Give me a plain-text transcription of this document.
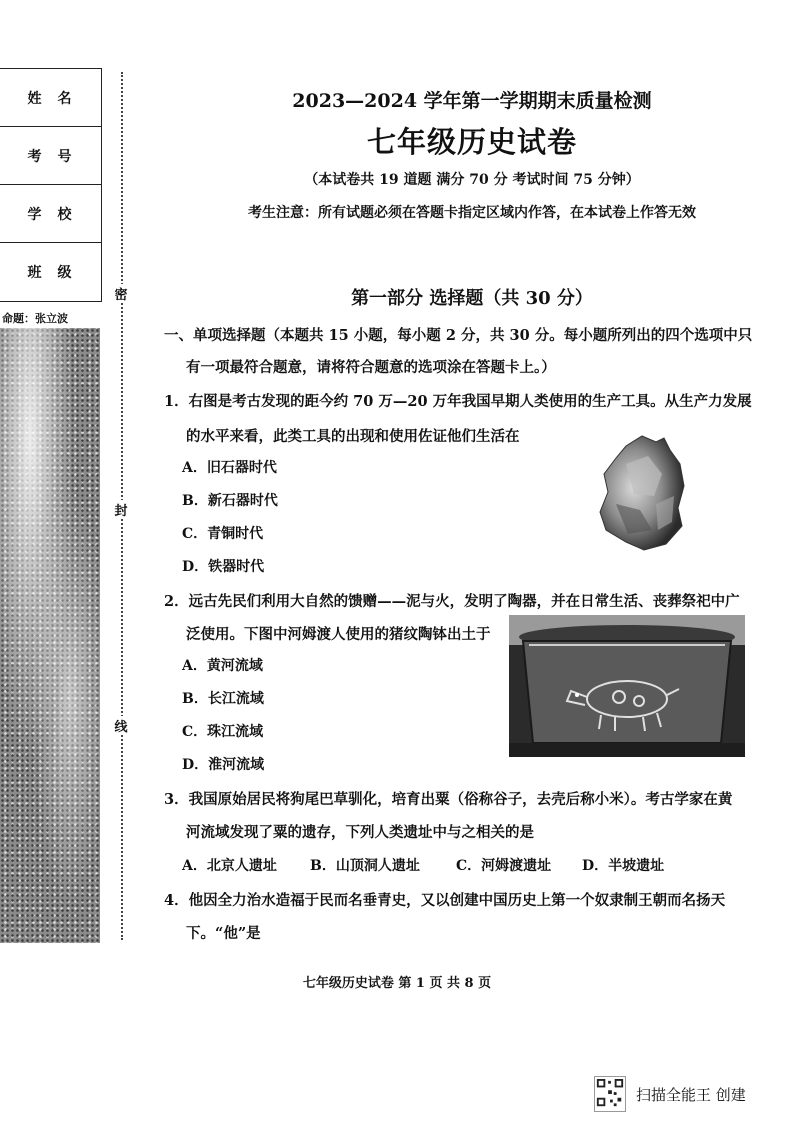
姓名
考号
学校
班级
命题：张立波
密
封
线
2023—2024 学年第一学期期末质量检测
七年级历史试卷
（本试卷共 19 道题 满分 70 分 考试时间 75 分钟）
考生注意：所有试题必须在答题卡指定区域内作答，在本试卷上作答无效
第一部分 选择题（共 30 分）
一、单项选择题（本题共 15 小题，每小题 2 分，共 30 分。每小题所列出的四个选项中只
有一项最符合题意，请将符合题意的选项涂在答题卡上。）
1．右图是考古发现的距今约 70 万—20 万年我国早期人类使用的生产工具。从生产力发展
的水平来看，此类工具的出现和使用佐证他们生活在
A．旧石器时代
B．新石器时代
C．青铜时代
D．铁器时代
2．远古先民们利用大自然的馈赠——泥与火，发明了陶器，并在日常生活、丧葬祭祀中广
泛使用。下图中河姆渡人使用的猪纹陶钵出土于
A．黄河流域
B．长江流域
C．珠江流域
D．淮河流域
3．我国原始居民将狗尾巴草驯化，培育出粟（俗称谷子，去壳后称小米）。考古学家在黄
河流域发现了粟的遗存，下列人类遗址中与之相关的是
A．北京人遗址 B．山顶洞人遗址	C．河姆渡遗址 D．半坡遗址
4．他因全力治水造福于民而名垂青史，又以创建中国历史上第一个奴隶制王朝而名扬天
下。“他”是
七年级历史试卷 第 1 页 共 8 页
扫描全能王 创建
